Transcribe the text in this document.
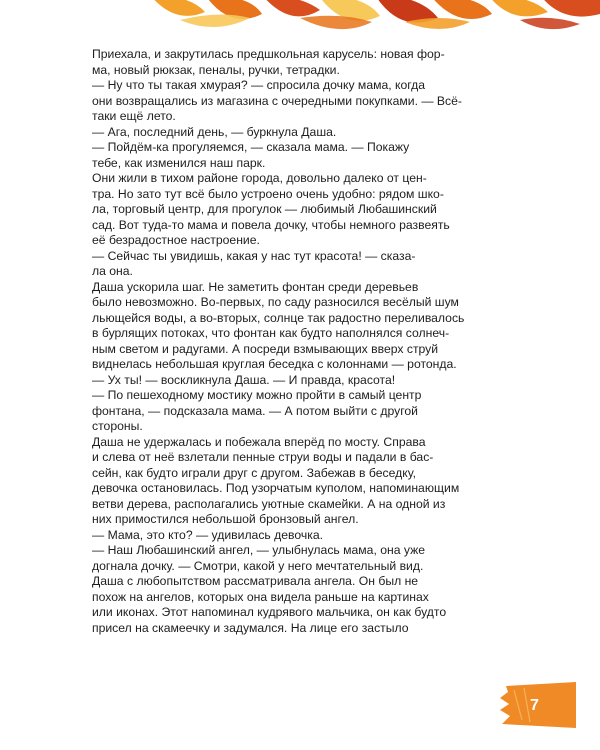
Приехала, и закрутилась предшкольная карусель: новая фор-

ма, новый рюкзак, пеналы, ручки, тетрадки.

— Ну что ты такая хмурая? — спросила дочку мама, когда

они возвращались из магазина с очередными покупками. — Всё-

таки ещё лето.

— Ага, последний день, — буркнула Даша.

— Пойдём-ка прогуляемся, — сказала мама. — Покажу

тебе, как изменился наш парк.

Они жили в тихом районе города, довольно далеко от цен-

тра. Но зато тут всё было устроено очень удобно: рядом шко-

ла, торговый центр, для прогулок — любимый Любашинский

сад. Вот туда-то мама и повела дочку, чтобы немного развеять

её безрадостное настроение.

— Сейчас ты увидишь, какая у нас тут красота! — сказа-

ла она.

Даша ускорила шаг. Не заметить фонтан среди деревьев

было невозможно. Во-первых, по саду разносился весёлый шум

льющейся воды, а во-вторых, солнце так радостно переливалось

в бурлящих потоках, что фонтан как будто наполнялся солнеч-

ным светом и радугами. А посреди взмывающих вверх струй

виднелась небольшая круглая беседка с колоннами — ротонда.

— Ух ты! — воскликнула Даша. — И правда, красота!

— По пешеходному мостику можно пройти в самый центр

фонтана, — подсказала мама. — А потом выйти с другой

стороны.

Даша не удержалась и побежала вперёд по мосту. Справа

и слева от неё взлетали пенные струи воды и падали в бас-

сейн, как будто играли друг с другом. Забежав в беседку,

девочка остановилась. Под узорчатым куполом, напоминающим

ветви дерева, располагались уютные скамейки. А на одной из

них примостился небольшой бронзовый ангел.

— Мама, это кто? — удивилась девочка.

— Наш Любашинский ангел, — улыбнулась мама, она уже

догнала дочку. — Смотри, какой у него мечтательный вид.

Даша с любопытством рассматривала ангела. Он был не

похож на ангелов, которых она видела раньше на картинах

или иконах. Этот напоминал кудрявого мальчика, он как будто

присел на скамеечку и задумался. На лице его застыло

7
